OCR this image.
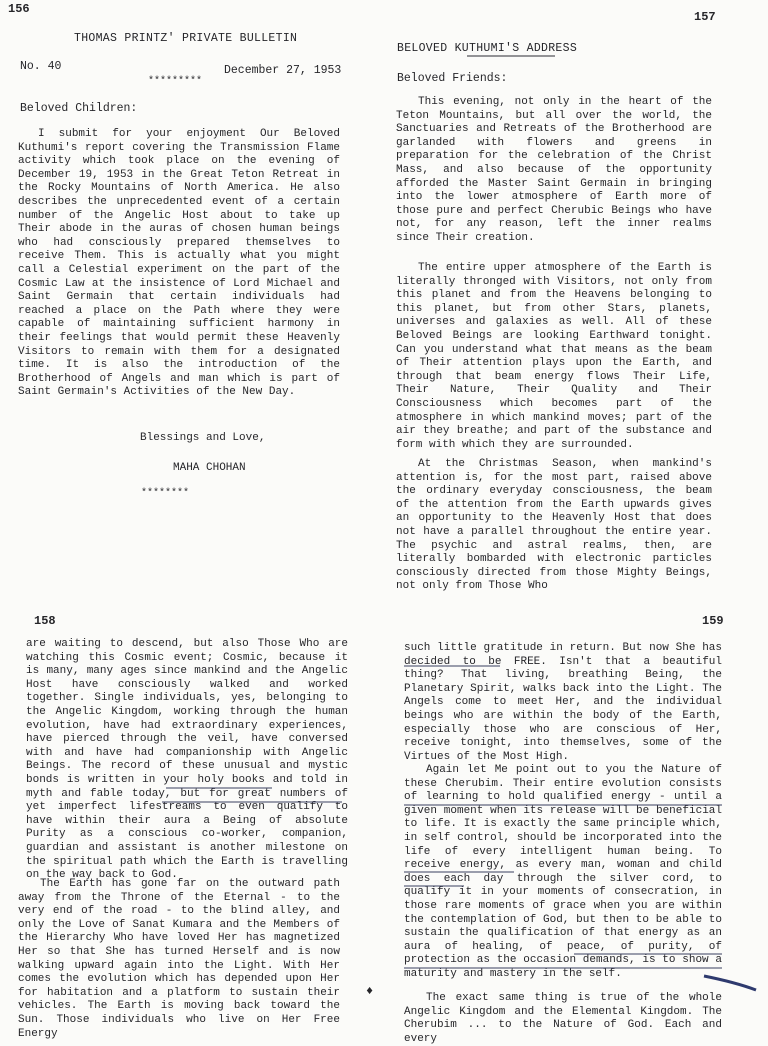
156
THOMAS PRINTZ' PRIVATE BULLETIN
No. 40	December 27, 1953
*********
Beloved Children:
I submit for your enjoyment Our Beloved Kuthumi's report covering the Transmission Flame activity which took place on the evening of December 19, 1953 in the Great Teton Retreat in the Rocky Mountains of North America. He also describes the unprecedented event of a certain number of the Angelic Host about to take up Their abode in the auras of chosen human beings who had consciously prepared themselves to receive Them. This is actually what you might call a Celestial experiment on the part of the Cosmic Law at the insistence of Lord Michael and Saint Germain that certain individuals had reached a place on the Path where they were capable of maintaining sufficient harmony in their feelings that would permit these Heavenly Visitors to remain with them for a designated time. It is also the introduction of the Brotherhood of Angels and man which is part of Saint Germain's Activities of the New Day.
Blessings and Love,
MAHA CHOHAN
********
157
BELOVED KUTHUMI'S ADDRESS
Beloved Friends:
This evening, not only in the heart of the Teton Mountains, but all over the world, the Sanctuaries and Retreats of the Brotherhood are garlanded with flowers and greens in preparation for the celebration of the Christ Mass, and also because of the opportunity afforded the Master Saint Germain in bringing into the lower atmosphere of Earth more of those pure and perfect Cherubic Beings who have not, for any reason, left the inner realms since Their creation.
The entire upper atmosphere of the Earth is literally thronged with Visitors, not only from this planet and from the Heavens belonging to this planet, but from other Stars, planets, universes and galaxies as well. All of these Beloved Beings are looking Earthward tonight. Can you understand what that means as the beam of Their attention plays upon the Earth, and through that beam energy flows Their Life, Their Nature, Their Quality and Their Consciousness which becomes part of the atmosphere in which mankind moves; part of the air they breathe; and part of the substance and form with which they are surrounded.
At the Christmas Season, when mankind's attention is, for the most part, raised above the ordinary everyday consciousness, the beam of the attention from the Earth upwards gives an opportunity to the Heavenly Host that does not have a parallel throughout the entire year. The psychic and astral realms, then, are literally bombarded with electronic particles consciously directed from those Mighty Beings, not only from Those Who
158
are waiting to descend, but also Those Who are watching this Cosmic event; Cosmic, because it is many, many ages since mankind and the Angelic Host have consciously walked and worked together. Single individuals, yes, belonging to the Angelic Kingdom, working through the human evolution, have had extraordinary experiences, have pierced through the veil, have conversed with and have had companionship with Angelic Beings. The record of these unusual and mystic bonds is written in your holy books and told in myth and fable today, but for great numbers of yet imperfect lifestreams to even qualify to have within their aura a Being of absolute Purity as a conscious co-worker, companion, guardian and assistant is another milestone on the spiritual path which the Earth is travelling on the way back to God.
The Earth has gone far on the outward path away from the Throne of the Eternal - to the very end of the road - to the blind alley, and only the Love of Sanat Kumara and the Members of the Hierarchy Who have loved Her has magnetized Her so that She has turned Herself and is now walking upward again into the Light. With Her comes the evolution which has depended upon Her for habitation and a platform to sustain their vehicles. The Earth is moving back toward the Sun. Those individuals who live on Her Free Energy
♦
159
such little gratitude in return. But now She has decided to be FREE. Isn't that a beautiful thing? That living, breathing Being, the Planetary Spirit, walks back into the Light. The Angels come to meet Her, and the individual beings who are within the body of the Earth, especially those who are conscious of Her, receive tonight, into themselves, some of the Virtues of the Most High.
Again let Me point out to you the Nature of these Cherubim. Their entire evolution consists of learning to hold qualified energy - until a given moment when its release will be beneficial to life. It is exactly the same principle which, in self control, should be incorporated into the life of every intelligent human being. To receive energy, as every man, woman and child does each day through the silver cord, to qualify it in your moments of consecration, in those rare moments of grace when you are within the contemplation of God, but then to be able to sustain the qualification of that energy as an aura of healing, of peace, of purity, of protection as the occasion demands, is to show a maturity and mastery in the self.
The exact same thing is true of the whole Angelic Kingdom and the Elemental Kingdom. The Cherubim ... to the Nature of God. Each and every
